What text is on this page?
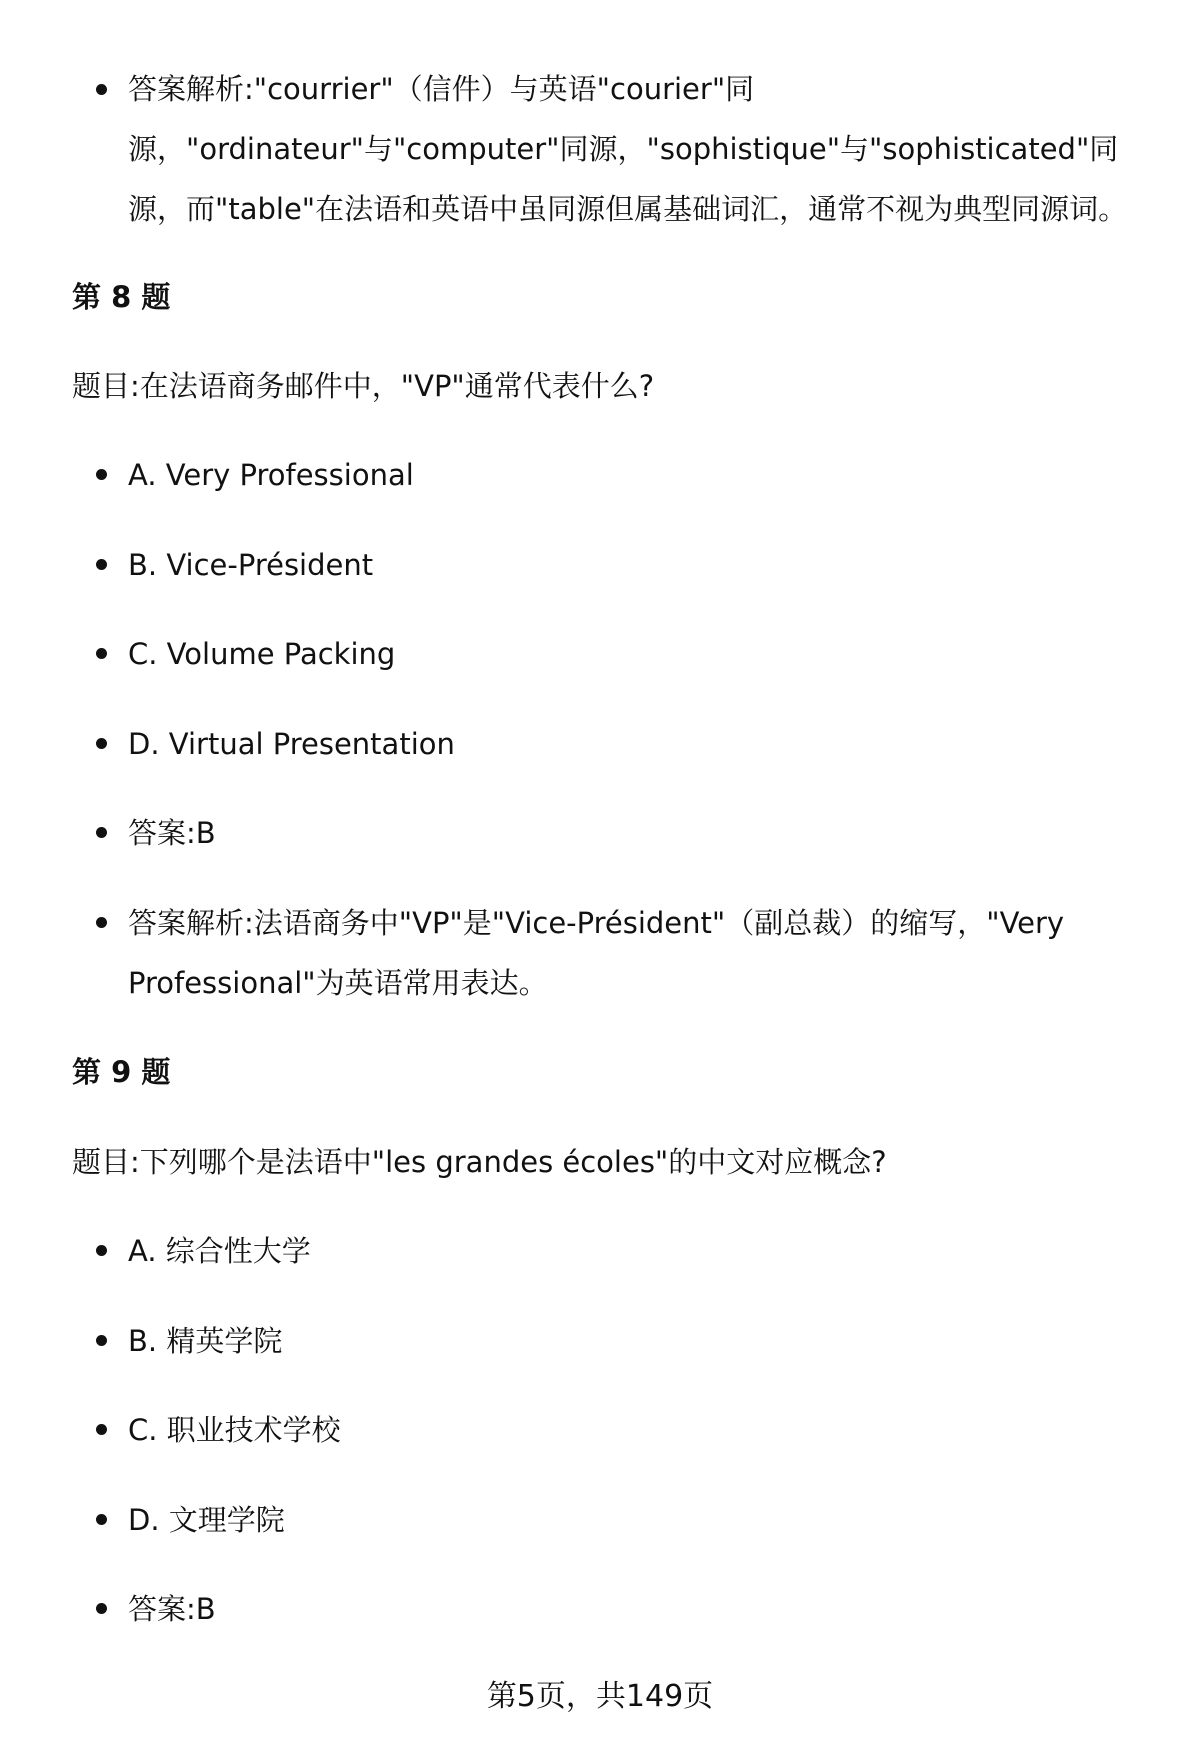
答案解析:"courrier"（信件）与英语"courier"同
源，"ordinateur"与"computer"同源，"sophistique"与"sophisticated"同
源，而"table"在法语和英语中虽同源但属基础词汇，通常不视为典型同源词。
第 8 题
题目:在法语商务邮件中，"VP"通常代表什么?
A. Very Professional
B. Vice-Président
C. Volume Packing
D. Virtual Presentation
答案:B
答案解析:法语商务中"VP"是"Vice-Président"（副总裁）的缩写，"Very
Professional"为英语常用表达。
第 9 题
题目:下列哪个是法语中"les grandes écoles"的中文对应概念?
A. 综合性大学
B. 精英学院
C. 职业技术学校
D. 文理学院
答案:B
第5页，共149页
